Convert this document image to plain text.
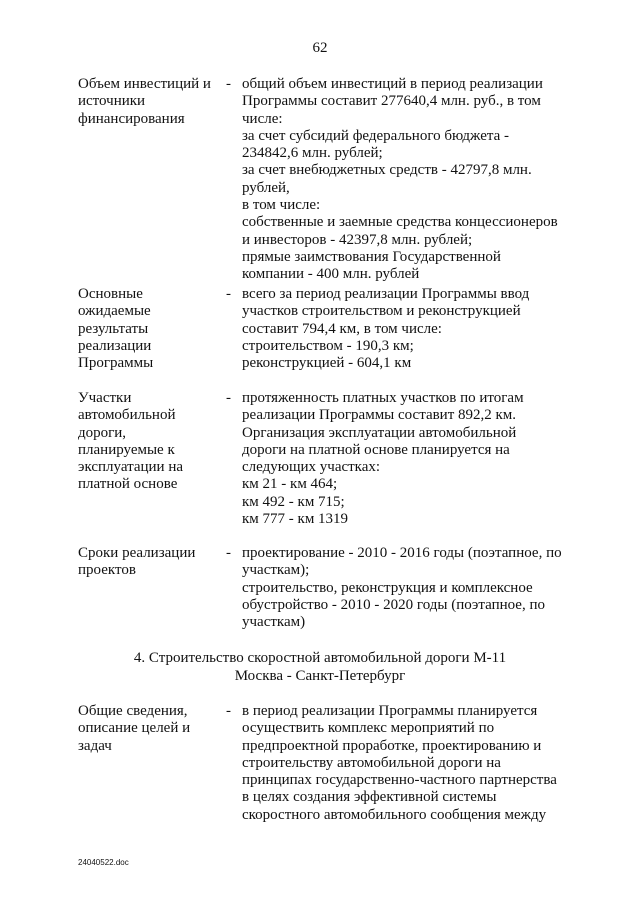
62
Объем инвестиций и
источники
финансирования
- общий объем инвестиций в период реализации
Программы составит 277640,4 млн. руб., в том
числе:
за счет субсидий федерального бюджета -
234842,6 млн. рублей;
за счет внебюджетных средств - 42797,8 млн. рублей,
в том числе:
собственные и заемные средства концессионеров
и инвесторов - 42397,8 млн. рублей;
прямые заимствования Государственной
компании - 400 млн. рублей
Основные
ожидаемые
результаты
реализации
Программы
- всего за период реализации Программы ввод
участков строительством и реконструкцией
составит 794,4 км, в том числе:
строительством - 190,3 км;
реконструкцией - 604,1 км
Участки
автомобильной
дороги,
планируемые к
эксплуатации на
платной основе
- протяженность платных участков по итогам
реализации Программы составит 892,2 км.
Организация эксплуатации автомобильной
дороги на платной основе планируется на
следующих участках:
км 21 - км 464;
км 492 - км 715;
км 777 - км 1319
Сроки реализации
проектов
- проектирование - 2010 - 2016 годы (поэтапное, по
участкам);
строительство, реконструкция и комплексное
обустройство - 2010 - 2020 годы (поэтапное, по
участкам)
4. Строительство скоростной автомобильной дороги М-11
Москва - Санкт-Петербург
Общие сведения,
описание целей и
задач
- в период реализации Программы планируется
осуществить комплекс мероприятий по
предпроектной проработке, проектированию и
строительству автомобильной дороги на
принципах государственно-частного партнерства
в целях создания эффективной системы
скоростного автомобильного сообщения между
24040522.doc
